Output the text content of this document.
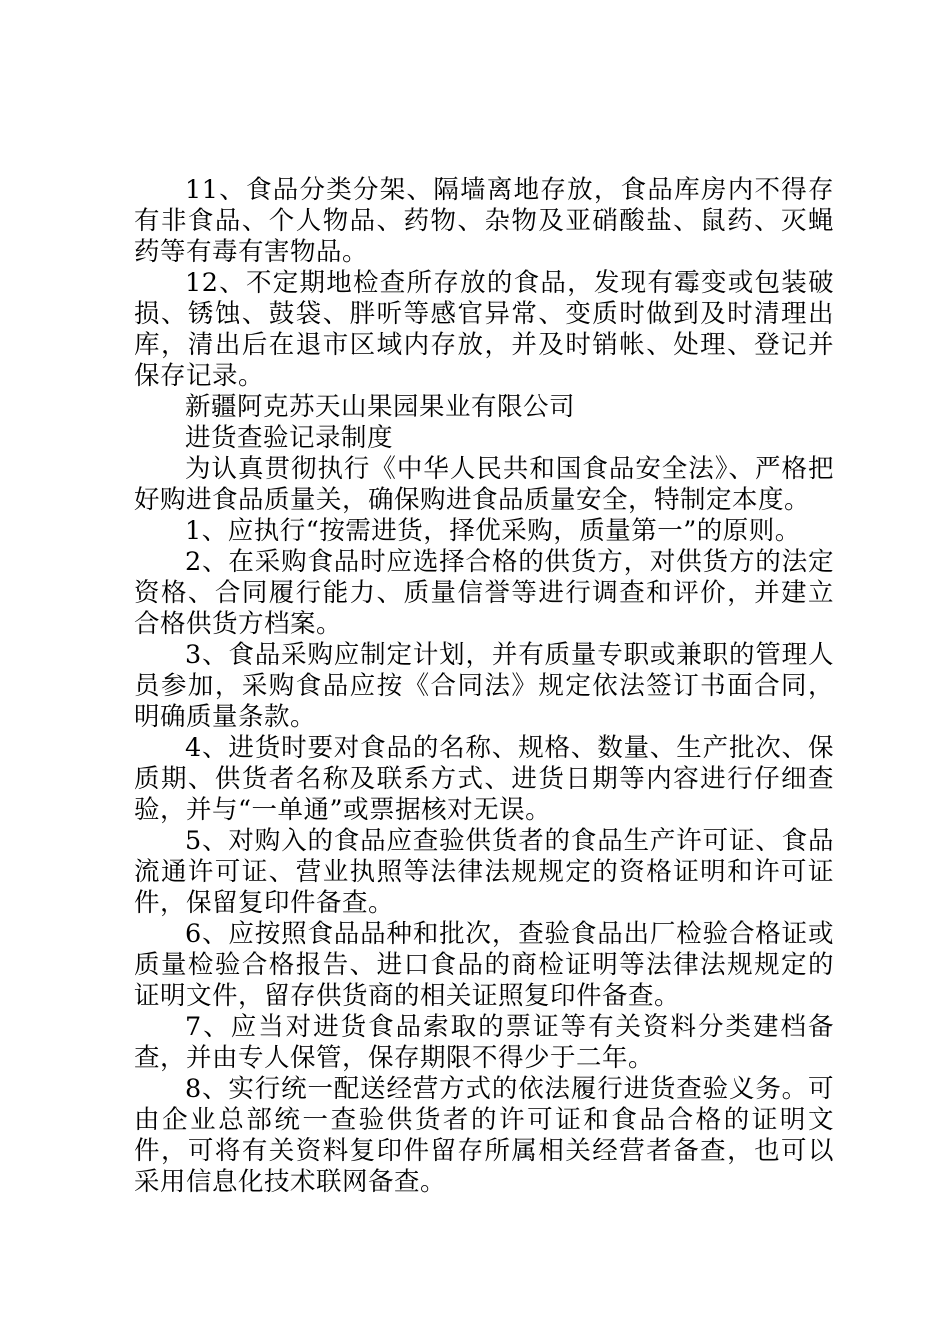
11、食品分类分架、隔墙离地存放，食品库房内不得存有非食品、个人物品、药物、杂物及亚硝酸盐、鼠药、灭蝇药等有毒有害物品。

12、不定期地检查所存放的食品，发现有霉变或包装破损、锈蚀、鼓袋、胖听等感官异常、变质时做到及时清理出库，清出后在退市区域内存放，并及时销帐、处理、登记并保存记录。

新疆阿克苏天山果园果业有限公司

进货查验记录制度

为认真贯彻执行《中华人民共和国食品安全法》、严格把好购进食品质量关，确保购进食品质量安全，特制定本度。

1、应执行“按需进货，择优采购，质量第一”的原则。

2、在采购食品时应选择合格的供货方，对供货方的法定资格、合同履行能力、质量信誉等进行调查和评价，并建立合格供货方档案。

3、食品采购应制定计划，并有质量专职或兼职的管理人员参加，采购食品应按《合同法》规定依法签订书面合同，明确质量条款。

4、进货时要对食品的名称、规格、数量、生产批次、保质期、供货者名称及联系方式、进货日期等内容进行仔细查验，并与“一单通”或票据核对无误。

5、对购入的食品应查验供货者的食品生产许可证、食品流通许可证、营业执照等法律法规规定的资格证明和许可证件，保留复印件备查。

6、应按照食品品种和批次，查验食品出厂检验合格证或质量检验合格报告、进口食品的商检证明等法律法规规定的证明文件，留存供货商的相关证照复印件备查。

7、应当对进货食品索取的票证等有关资料分类建档备查，并由专人保管，保存期限不得少于二年。

8、实行统一配送经营方式的依法履行进货查验义务。可由企业总部统一查验供货者的许可证和食品合格的证明文件，可将有关资料复印件留存所属相关经营者备查，也可以采用信息化技术联网备查。
